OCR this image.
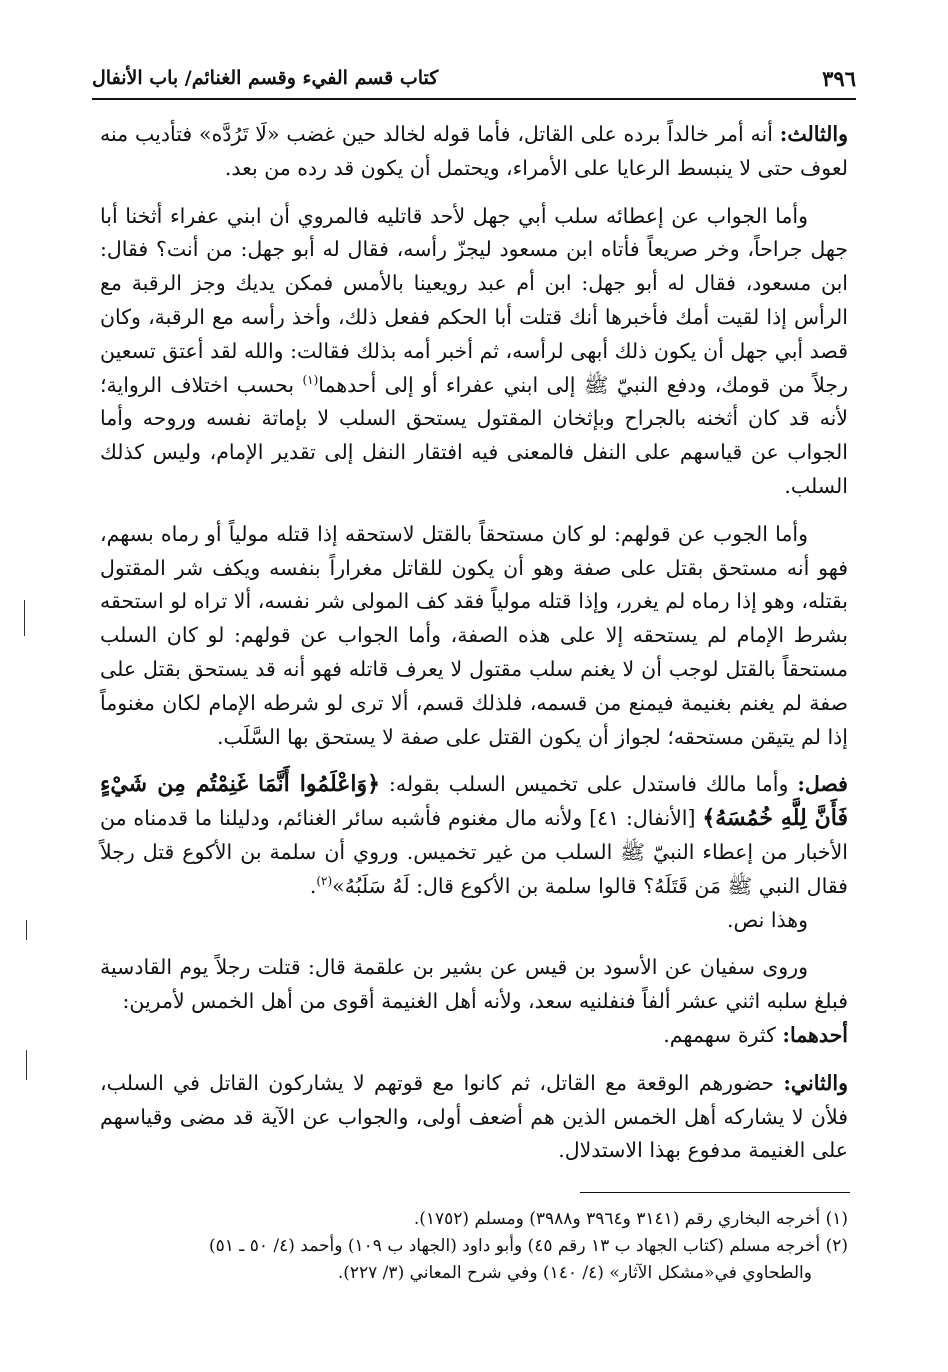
٣٩٦
كتاب قسم الفيء وقسم الغنائم/ باب الأنفال

والثالث: أنه أمر خالداً برده على القاتل، فأما قوله لخالد حين غضب «لَا تَرُدَّه» فتأديب منه لعوف حتى لا ينبسط الرعايا على الأمراء، ويحتمل أن يكون قد رده من بعد.

وأما الجواب عن إعطائه سلب أبي جهل لأحد قاتليه فالمروي أن ابني عفراء أثخنا أبا جهل جراحاً، وخر صريعاً فأتاه ابن مسعود ليجزّ رأسه، فقال له أبو جهل: من أنت؟ فقال: ابن مسعود، فقال له أبو جهل: ابن أم عبد رويعينا بالأمس فمكن يديك وجز الرقبة مع الرأس إذا لقيت أمك فأخبرها أنك قتلت أبا الحكم ففعل ذلك، وأخذ رأسه مع الرقبة، وكان قصد أبي جهل أن يكون ذلك أبهى لرأسه، ثم أخبر أمه بذلك فقالت: والله لقد أعتق تسعين رجلاً من قومك، ودفع النبيّ ﷺ إلى ابني عفراء أو إلى أحدهما$^{(١)}$ بحسب اختلاف الرواية؛ لأنه قد كان أثخنه بالجراح وبإثخان المقتول يستحق السلب لا بإماتة نفسه وروحه وأما الجواب عن قياسهم على النفل فالمعنى فيه افتقار النفل إلى تقدير الإمام، وليس كذلك السلب.

وأما الجوب عن قولهم: لو كان مستحقاً بالقتل لاستحقه إذا قتله مولياً أو رماه بسهم، فهو أنه مستحق بقتل على صفة وهو أن يكون للقاتل مغراراً بنفسه ويكف شر المقتول بقتله، وهو إذا رماه لم يغرر، وإذا قتله مولياً فقد كف المولى شر نفسه، ألا تراه لو استحقه بشرط الإمام لم يستحقه إلا على هذه الصفة، وأما الجواب عن قولهم: لو كان السلب مستحقاً بالقتل لوجب أن لا يغنم سلب مقتول لا يعرف قاتله فهو أنه قد يستحق بقتل على صفة لم يغنم بغنيمة فيمنع من قسمه، فلذلك قسم، ألا ترى لو شرطه الإمام لكان مغنوماً إذا لم يتيقن مستحقه؛ لجواز أن يكون القتل على صفة لا يستحق بها السَّلَب.

فصل: وأما مالك فاستدل على تخميس السلب بقوله: ﴿وَاعْلَمُوا أَنَّمَا غَنِمْتُم مِن شَيْءٍ فَأَنَّ لِلَّهِ خُمُسَهُ﴾ [الأنفال: ٤١] ولأنه مال مغنوم فأشبه سائر الغنائم، ودليلنا ما قدمناه من الأخبار من إعطاء النبيّ ﷺ السلب من غير تخميس. وروي أن سلمة بن الأكوع قتل رجلاً فقال النبي ﷺ مَن قَتَلَهُ؟ قالوا سلمة بن الأكوع قال: لَهُ سَلَبُهُ»$^{(٢)}$.

وهذا نص.

وروى سفيان عن الأسود بن قيس عن بشير بن علقمة قال: قتلت رجلاً يوم القادسية فبلغ سلبه اثني عشر ألفاً فنفلنيه سعد، ولأنه أهل الغنيمة أقوى من أهل الخمس لأمرين:

أحدهما: كثرة سهمهم.

والثاني: حضورهم الوقعة مع القاتل، ثم كانوا مع قوتهم لا يشاركون القاتل في السلب، فلأن لا يشاركه أهل الخمس الذين هم أضعف أولى، والجواب عن الآية قد مضى وقياسهم على الغنيمة مدفوع بهذا الاستدلال.

(١) أخرجه البخاري رقم (٣١٤١ و٣٩٦٤ و٣٩٨٨) ومسلم (١٧٥٢).

(٢) أخرجه مسلم (كتاب الجهاد ب ١٣ رقم ٤٥) وأبو داود (الجهاد ب ١٠٩) وأحمد (٤/ ٥٠ ـ ٥١)

والطحاوي في«مشكل الآثار» (٤/ ١٤٠) وفي شرح المعاني (٣/ ٢٢٧).
